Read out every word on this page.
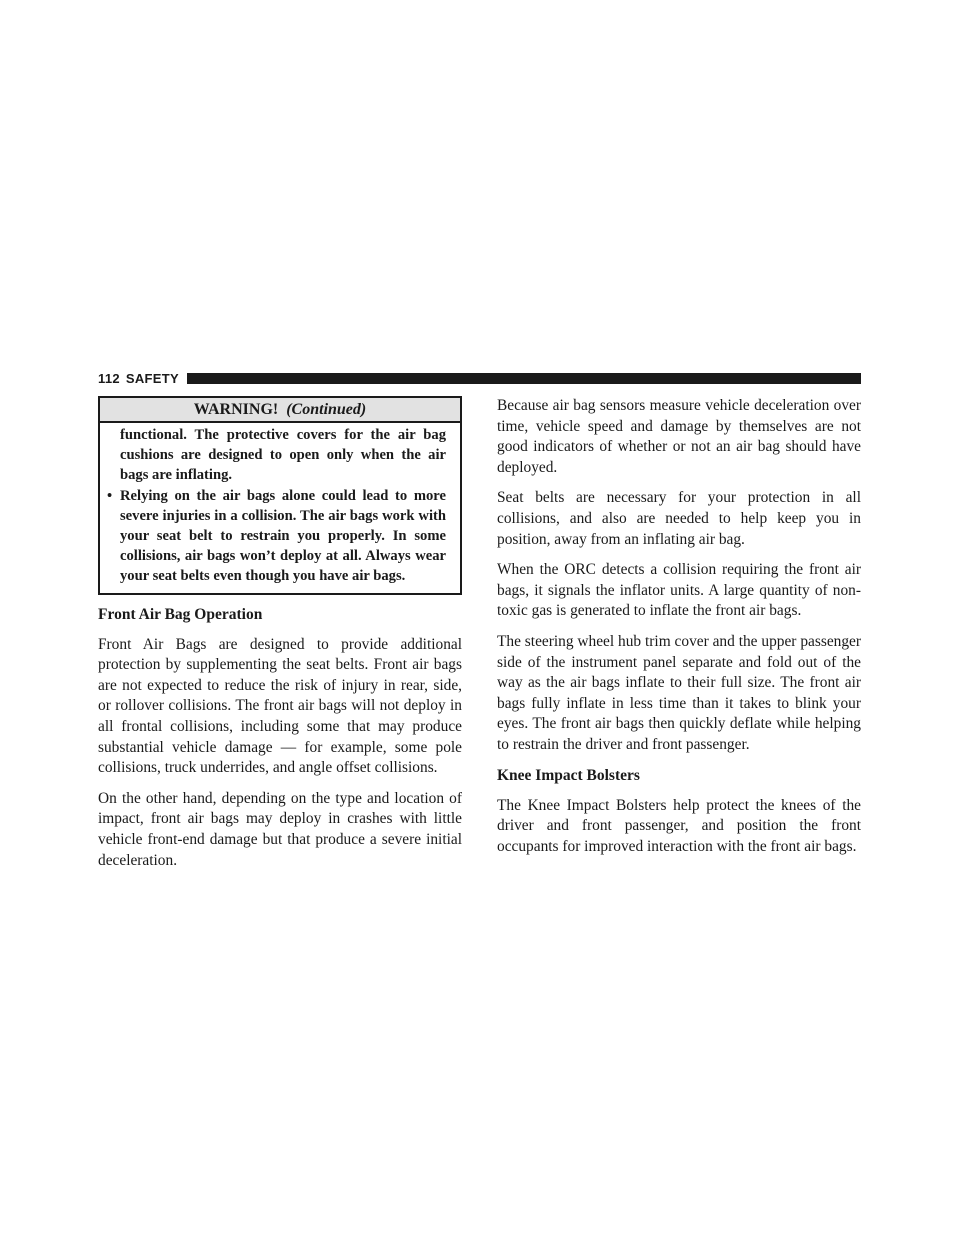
112 SAFETY
WARNING! (Continued)

functional. The protective covers for the air bag cushions are designed to open only when the air bags are inflating.

• Relying on the air bags alone could lead to more severe injuries in a collision. The air bags work with your seat belt to restrain you properly. In some collisions, air bags won’t deploy at all. Always wear your seat belts even though you have air bags.
Front Air Bag Operation

Front Air Bags are designed to provide additional protection by supplementing the seat belts. Front air bags are not expected to reduce the risk of injury in rear, side, or rollover collisions. The front air bags will not deploy in all frontal collisions, including some that may produce substantial vehicle damage — for example, some pole collisions, truck underrides, and angle offset collisions.

On the other hand, depending on the type and location of impact, front air bags may deploy in crashes with little vehicle front-end damage but that produce a severe initial deceleration.

Because air bag sensors measure vehicle deceleration over time, vehicle speed and damage by themselves are not good indicators of whether or not an air bag should have deployed.

Seat belts are necessary for your protection in all collisions, and also are needed to help keep you in position, away from an inflating air bag.

When the ORC detects a collision requiring the front air bags, it signals the inflator units. A large quantity of non-toxic gas is generated to inflate the front air bags.

The steering wheel hub trim cover and the upper passenger side of the instrument panel separate and fold out of the way as the air bags inflate to their full size. The front air bags fully inflate in less time than it takes to blink your eyes. The front air bags then quickly deflate while helping to restrain the driver and front passenger.

Knee Impact Bolsters

The Knee Impact Bolsters help protect the knees of the driver and front passenger, and position the front occupants for improved interaction with the front air bags.
